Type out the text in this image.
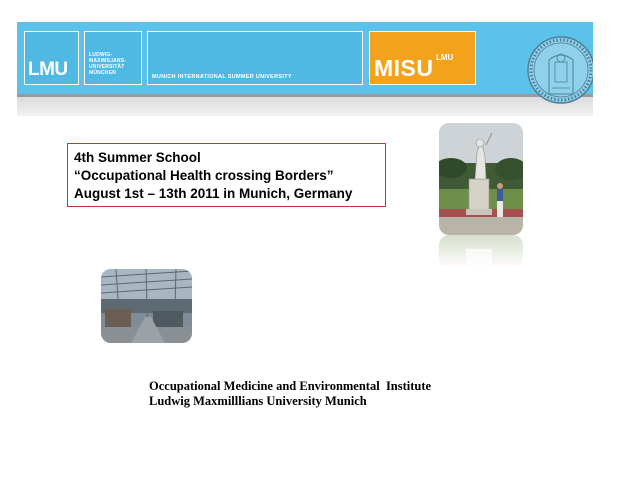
LMU
LUDWIG-
MAXIMILIANS-
UNIVERSITÄT
MÜNCHEN
MUNICH INTERNATIONAL SUMMER UNIVERSITY	MISU LMU
4th Summer School
“Occupational Health crossing Borders”
August 1st – 13th 2011 in Munich, Germany
Occupational Medicine and Environmental  Institute
Ludwig Maxmilllians University Munich
